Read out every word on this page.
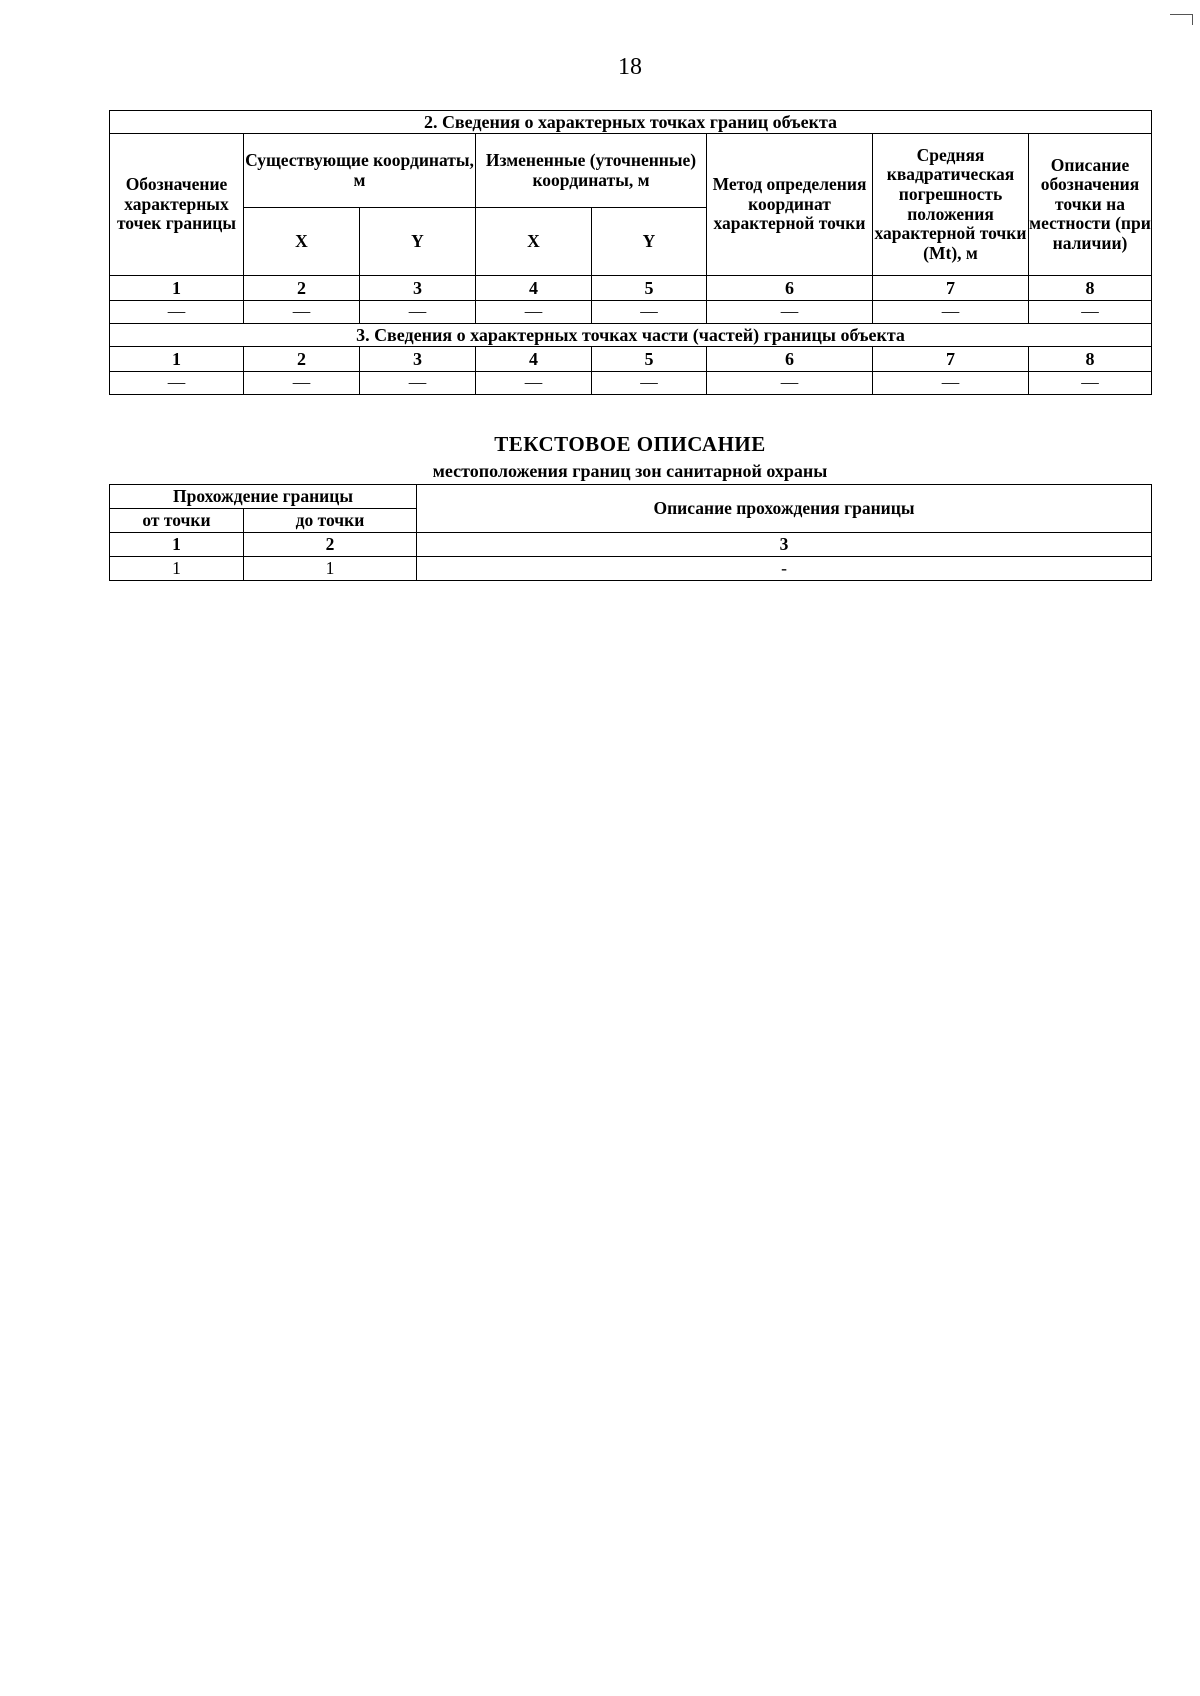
18
2. Сведения о характерных точках границ объекта							
Обозначение характерных точек границы	Существующие координаты, м		Измененные (уточненные) координаты, м		Метод определения координат характерной точки	Средняя квадратическая погрешность положения характерной точки (Mt), м	Описание обозначения точки на местности (при наличии)
	X	Y	X	Y			
1	2	3	4	5	6	7	8
—	—	—	—	—	—	—	—
3. Сведения о характерных точках части (частей) границы объекта							
1	2	3	4	5	6	7	8
—	—	—	—	—	—	—	—
ТЕКСТОВОЕ ОПИСАНИЕ
местоположения границ зон санитарной охраны
Прохождение границы		Описание прохождения границы
от точки	до точки	
1	2	3
1	1	-
